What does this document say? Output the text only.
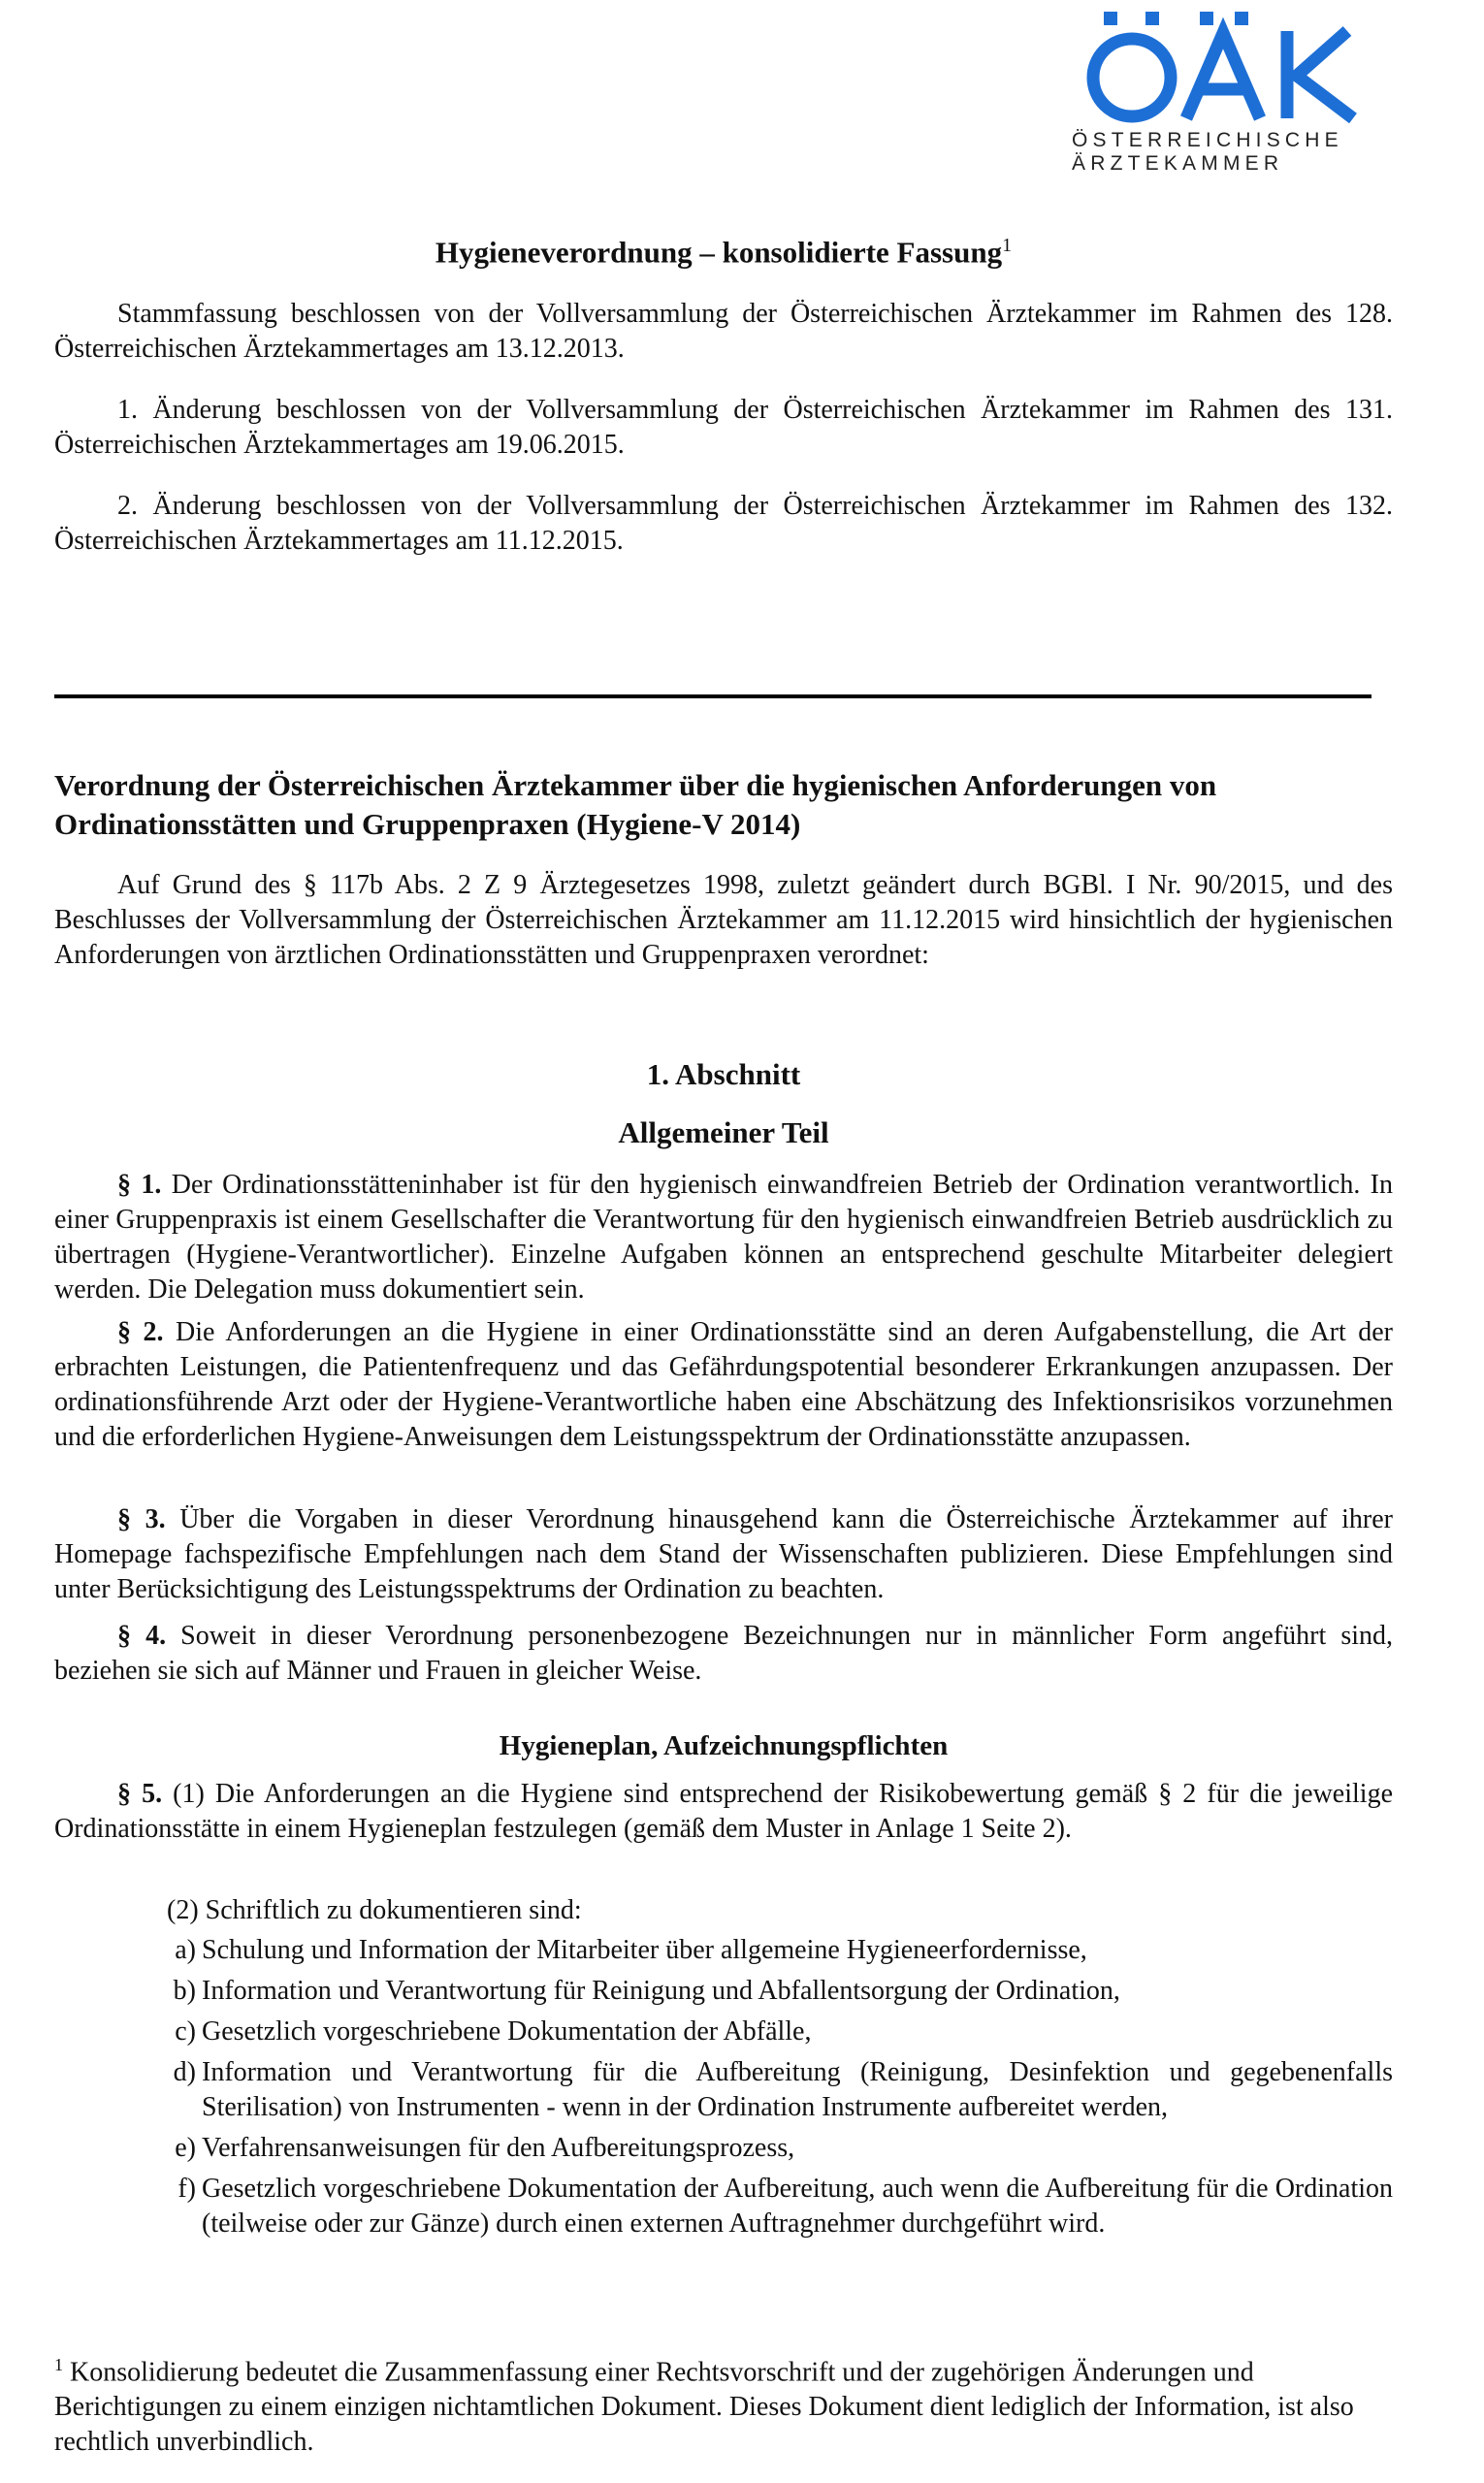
ÖSTERREICHISCHE
ÄRZTEKAMMER
Hygieneverordnung – konsolidierte Fassung$^1$
Stammfassung beschlossen von der Vollversammlung der Österreichischen Ärztekammer im Rahmen des 128. Österreichischen Ärztekammertages am 13.12.2013.
1. Änderung beschlossen von der Vollversammlung der Österreichischen Ärztekammer im Rahmen des 131. Österreichischen Ärztekammertages am 19.06.2015.
2. Änderung beschlossen von der Vollversammlung der Österreichischen Ärztekammer im Rahmen des 132. Österreichischen Ärztekammertages am 11.12.2015.
Verordnung der Österreichischen Ärztekammer über die hygienischen Anforderungen von Ordinationsstätten und Gruppenpraxen (Hygiene-V 2014)
Auf Grund des § 117b Abs. 2 Z 9 Ärztegesetzes 1998, zuletzt geändert durch BGBl. I Nr. 90/2015, und des Beschlusses der Vollversammlung der Österreichischen Ärztekammer am 11.12.2015 wird hinsichtlich der hygienischen Anforderungen von ärztlichen Ordinationsstätten und Gruppenpraxen verordnet:
1. Abschnitt
Allgemeiner Teil
§ 1. Der Ordinationsstätteninhaber ist für den hygienisch einwandfreien Betrieb der Ordination verantwortlich. In einer Gruppenpraxis ist einem Gesellschafter die Verantwortung für den hygienisch einwandfreien Betrieb ausdrücklich zu übertragen (Hygiene-Verantwortlicher). Einzelne Aufgaben können an entsprechend geschulte Mitarbeiter delegiert werden. Die Delegation muss dokumentiert sein.
§ 2. Die Anforderungen an die Hygiene in einer Ordinationsstätte sind an deren Aufgabenstellung, die Art der erbrachten Leistungen, die Patientenfrequenz und das Gefährdungspotential besonderer Erkrankungen anzupassen. Der ordinationsführende Arzt oder der Hygiene-Verantwortliche haben eine Abschätzung des Infektionsrisikos vorzunehmen und die erforderlichen Hygiene-Anweisungen dem Leistungsspektrum der Ordinationsstätte anzupassen.
§ 3. Über die Vorgaben in dieser Verordnung hinausgehend kann die Österreichische Ärztekammer auf ihrer Homepage fachspezifische Empfehlungen nach dem Stand der Wissenschaften publizieren. Diese Empfehlungen sind unter Berücksichtigung des Leistungsspektrums der Ordination zu beachten.
§ 4. Soweit in dieser Verordnung personenbezogene Bezeichnungen nur in männlicher Form angeführt sind, beziehen sie sich auf Männer und Frauen in gleicher Weise.
Hygieneplan, Aufzeichnungspflichten
§ 5. (1) Die Anforderungen an die Hygiene sind entsprechend der Risikobewertung gemäß § 2 für die jeweilige Ordinationsstätte in einem Hygieneplan festzulegen (gemäß dem Muster in Anlage 1 Seite 2).
(2) Schriftlich zu dokumentieren sind:
a) Schulung und Information der Mitarbeiter über allgemeine Hygieneerfordernisse,
b) Information und Verantwortung für Reinigung und Abfallentsorgung der Ordination,
c) Gesetzlich vorgeschriebene Dokumentation der Abfälle,
d) Information und Verantwortung für die Aufbereitung (Reinigung, Desinfektion und gegebenenfalls Sterilisation) von Instrumenten - wenn in der Ordination Instrumente aufbereitet werden,
e) Verfahrensanweisungen für den Aufbereitungsprozess,
f) Gesetzlich vorgeschriebene Dokumentation der Aufbereitung, auch wenn die Aufbereitung für die Ordination (teilweise oder zur Gänze) durch einen externen Auftragnehmer durchgeführt wird.
$^1$ Konsolidierung bedeutet die Zusammenfassung einer Rechtsvorschrift und der zugehörigen Änderungen und Berichtigungen zu einem einzigen nichtamtlichen Dokument. Dieses Dokument dient lediglich der Information, ist also rechtlich unverbindlich.
